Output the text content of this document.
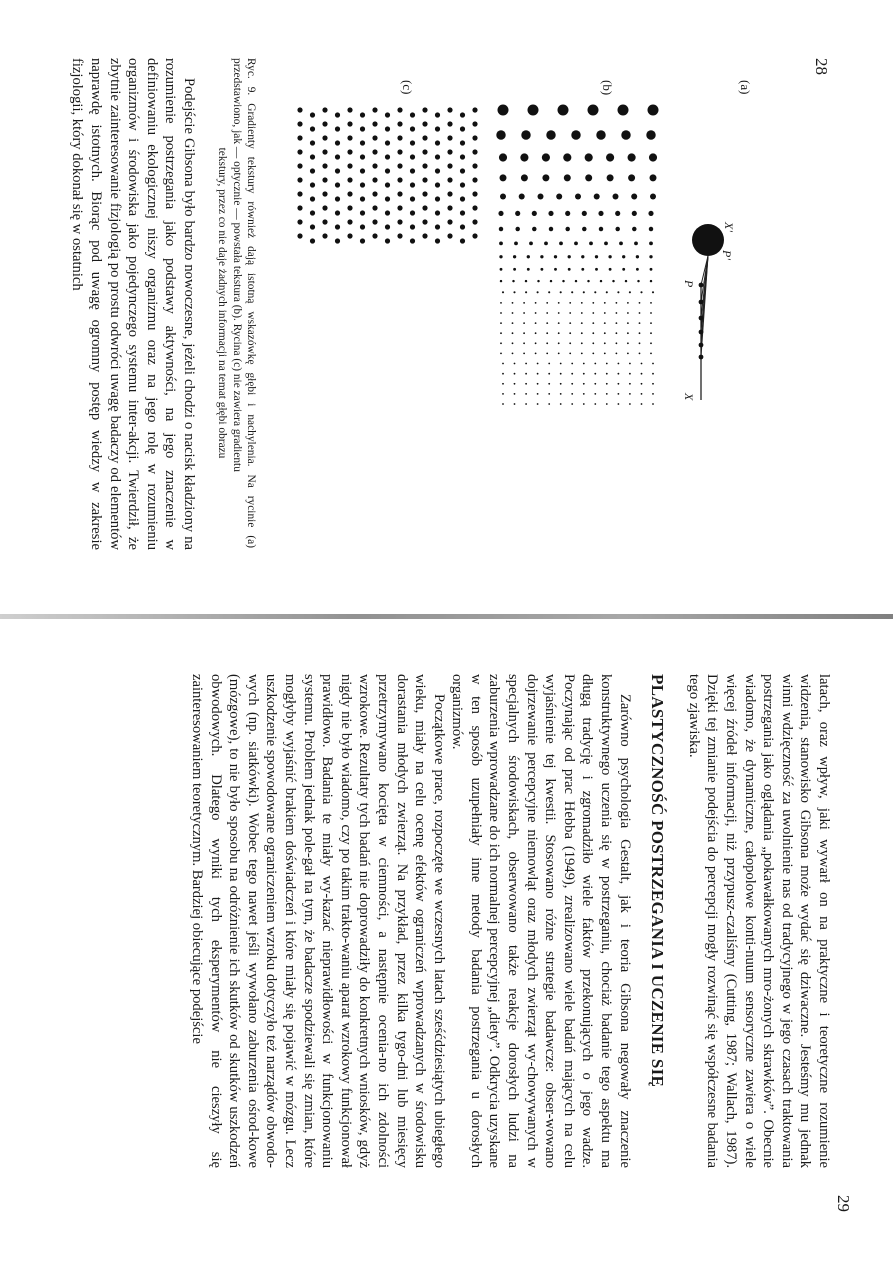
28
(a)
(b)
(c)
X'
P'
P
X
Ryc. 9. Gradienty tekstury również dają istotną wskazówkę głębi i nachylenia. Na rycinie (a) przedstawiono, jak — optycznie — powstała tekstura (b). Rycina (c) nie zawiera gradientu
tekstury, przez co nie daje żadnych informacji na temat głębi obrazu

Podejście Gibsona było bardzo nowoczesne, jeżeli chodzi o nacisk kładziony na rozumienie postrzegania jako podstawy aktywności, na jego znaczenie w definiowaniu ekologicznej niszy organizmu oraz na jego rolę w rozumieniu organizmów i środowiska jako pojedynczego systemu inter-akcji. Twierdził, że zbytnie zainteresowanie fizjologią po prostu odwróci uwagę badaczy od elementów naprawdę istotnych. Biorąc pod uwagę ogromny postęp wiedzy w zakresie fizjologii, który dokonał się w ostatnich

29

latach, oraz wpływ, jaki wywarł on na praktyczne i teoretyczne rozumienie widzenia, stanowisko Gibsona może wydać się dziwaczne. Jesteśmy mu jednak winni wdzięczność za uwolnienie nas od tradycyjnego w jego czasach traktowania postrzegania jako oglądania „pokawałkowanych mro-żonych skrawków”. Obecnie wiadomo, że dynamiczne, całopolowe konti-nuum sensoryczne zawiera o wiele więcej źródeł informacji, niż przypusz-czaliśmy (Cutting, 1987; Wallach, 1987). Dzięki tej zmianie podejścia do percepcji mogły rozwinąć się współczesne badania tego zjawiska.

PLASTYCZNOŚĆ POSTRZEGANIA I UCZENIE SIĘ

Zarówno psychologia Gestalt, jak i teoria Gibsona negowały znaczenie konstruktywnego uczenia się w postrzeganiu, chociaż badanie tego aspektu ma długą tradycję i zgromadziło wiele faktów przekonujących o jego wadze. Poczynając od prac Hebba (1949), zrealizowano wiele badań mających na celu wyjaśnienie tej kwestii. Stosowano różne strategie badawcze: obser-wowano dojrzewanie percepcyjne niemowląt oraz młodych zwierząt wy-chowywanych w specjalnych środowiskach, obserwowano także reakcje dorosłych ludzi na zaburzenia wprowadzane do ich normalnej percepcyjnej „diety”. Odkrycia uzyskane w ten sposób uzupełniały inne metody badania postrzegania u dorosłych organizmów.

Początkowe prace, rozpoczęte we wczesnych latach sześćdziesiątych ubiegłego wieku, miały na celu ocenę efektów ograniczeń wprowadzanych w środowisku dorastania młodych zwierząt. Na przykład, przez kilka tygo-dni lub miesięcy przetrzymywano kocięta w ciemności, a następnie ocenia-no ich zdolności wzrokowe. Rezultaty tych badań nie doprowadziły do konkretnych wniosków, gdyż nigdy nie było wiadomo, czy po takim trakto-waniu aparat wzrokowy funkcjonował prawidłowo. Badania te miały wy-kazać nieprawidłowości w funkcjonowaniu systemu. Problem jednak pole-gał na tym, że badacze spodziewali się zmian, które mogłyby wyjaśnić brakiem doświadczeń i które miały się pojawić w mózgu. Lecz uszkodzenie spowodowane ograniczeniem wzroku dotyczyło też narządów obwodo-wych (np. siatkówki). Wobec tego nawet jeśli wywołano zaburzenia ośrod-kowe (mózgowe), to nie było sposobu na odróżnienie ich skutków od skutków uszkodzeń obwodowych. Dlatego wyniki tych eksperymentów nie cieszyły się zainteresowaniem teoretycznym. Bardziej obiecujące podejście
